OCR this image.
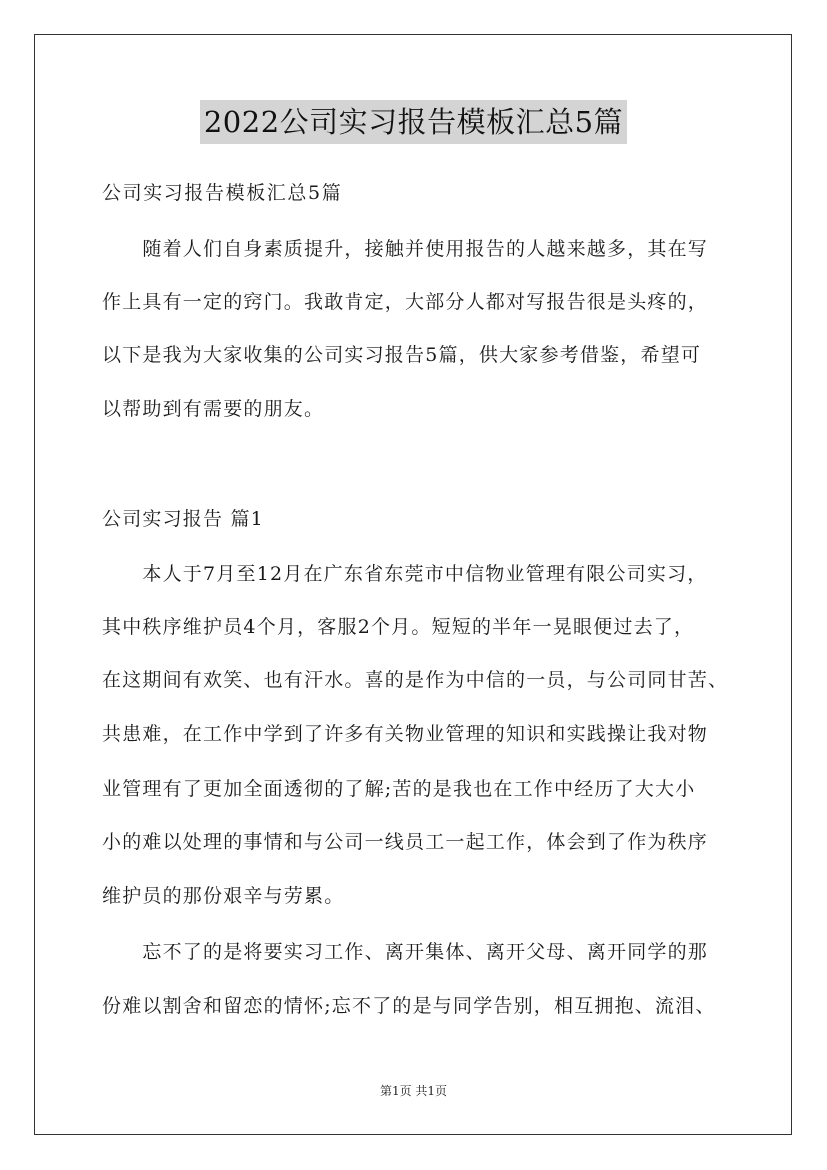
2022公司实习报告模板汇总5篇
公司实习报告模板汇总5篇
　　随着人们自身素质提升，接触并使用报告的人越来越多，其在写
作上具有一定的窍门。我敢肯定，大部分人都对写报告很是头疼的，
以下是我为大家收集的公司实习报告5篇，供大家参考借鉴，希望可
以帮助到有需要的朋友。
公司实习报告 篇1
　　本人于7月至12月在广东省东莞市中信物业管理有限公司实习，
其中秩序维护员4个月，客服2个月。短短的半年一晃眼便过去了，
在这期间有欢笑、也有汗水。喜的是作为中信的一员，与公司同甘苦、
共患难，在工作中学到了许多有关物业管理的知识和实践操让我对物
业管理有了更加全面透彻的了解;苦的是我也在工作中经历了大大小
小的难以处理的事情和与公司一线员工一起工作，体会到了作为秩序
维护员的那份艰辛与劳累。
　　忘不了的是将要实习工作、离开集体、离开父母、离开同学的那
份难以割舍和留恋的情怀;忘不了的是与同学告别，相互拥抱、流泪、
第1页 共1页
